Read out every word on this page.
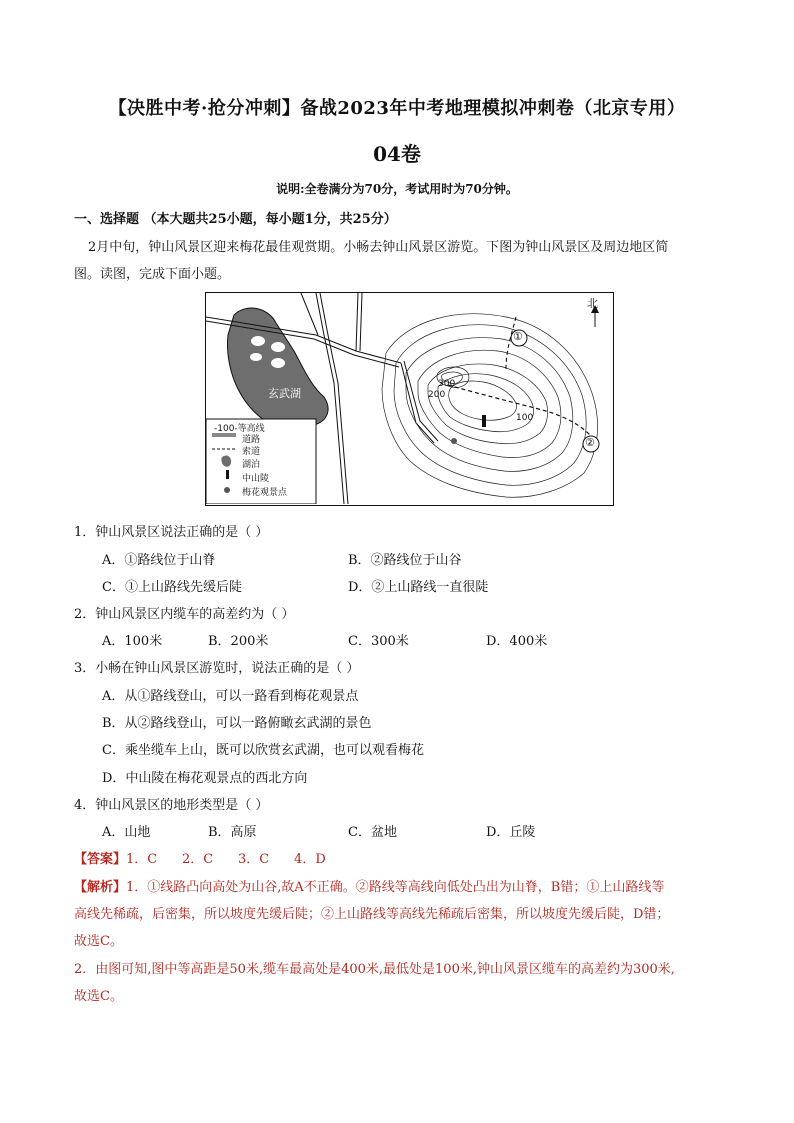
【决胜中考·抢分冲刺】备战2023年中考地理模拟冲刺卷（北京专用）
04卷
说明:全卷满分为70分，考试用时为70分钟。
一、选择题 （本大题共25小题，每小题1分，共25分）
2月中旬，钟山风景区迎来梅花最佳观赏期。小畅去钟山风景区游览。下图为钟山风景区及周边地区简
图。读图，完成下面小题。
-100-等高线
道路
索道
湖泊
中山陵
梅花观景点
玄武湖
北
①
②
300
200
100
1．钟山风景区说法正确的是（ ）
A．①路线位于山脊	B．②路线位于山谷
C．①上山路线先缓后陡	D．②上山路线一直很陡
2．钟山风景区内缆车的高差约为（ ）
A．100米	B．200米	C．300米	D．400米
3．小畅在钟山风景区游览时，说法正确的是（ ）
A．从①路线登山，可以一路看到梅花观景点
B．从②路线登山，可以一路俯瞰玄武湖的景色
C．乘坐缆车上山，既可以欣赏玄武湖，也可以观看梅花
D．中山陵在梅花观景点的西北方向
4．钟山风景区的地形类型是（ ）
A．山地	B．高原	C．盆地	D．丘陵
【答案】1．C      2．C      3．C      4．D
【解析】1．①线路凸向高处为山谷,故A不正确。②路线等高线向低处凸出为山脊，B错；①上山路线等
高线先稀疏，后密集，所以坡度先缓后陡；②上山路线等高线先稀疏后密集，所以坡度先缓后陡，D错；
故选C。
2．由图可知,图中等高距是50米,缆车最高处是400米,最低处是100米,钟山风景区缆车的高差约为300米,
故选C。
